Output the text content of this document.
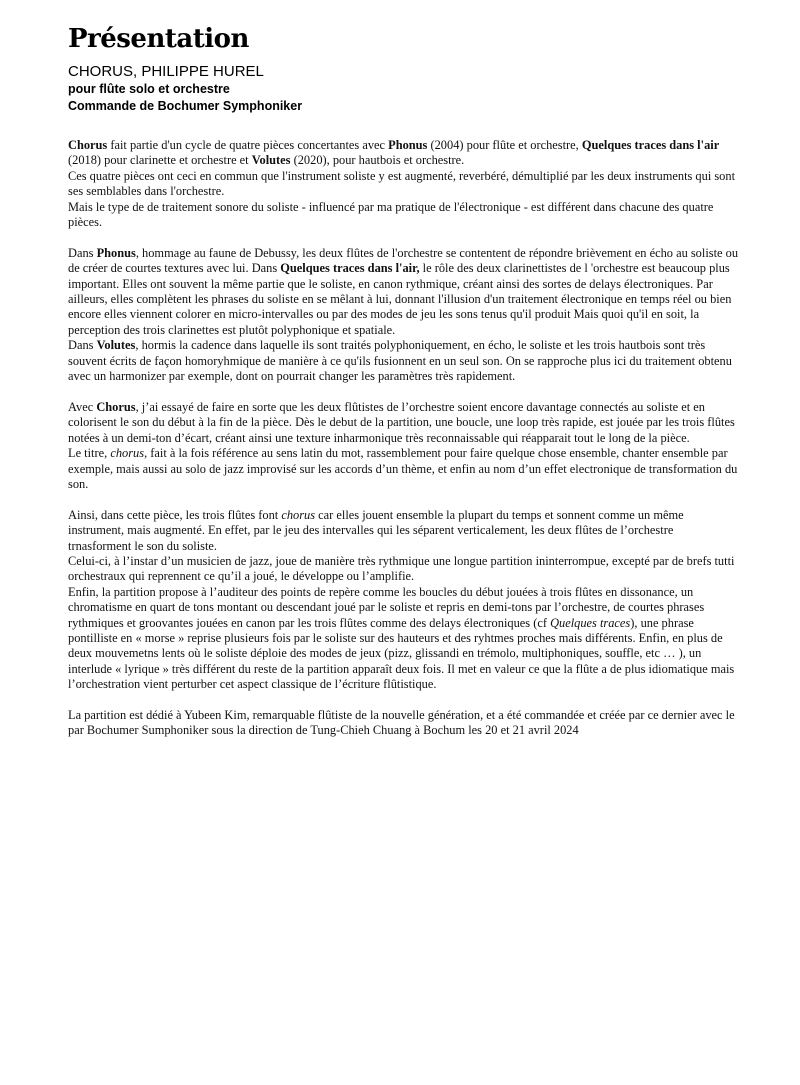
Présentation

CHORUS, PHILIPPE HUREL

pour flûte solo et orchestre

Commande de Bochumer Symphoniker

Chorus fait partie d'un cycle de quatre pièces concertantes avec Phonus (2004) pour flûte et orchestre, Quelques traces dans l'air (2018) pour clarinette et orchestre et Volutes (2020), pour hautbois et orchestre.
Ces quatre pièces ont ceci en commun que l'instrument soliste y est augmenté, reverbéré, démultiplié par les deux instruments qui sont ses semblables dans l'orchestre.
Mais le type de de traitement sonore du soliste - influencé par ma pratique de l'électronique - est différent dans chacune des quatre pièces.

Dans Phonus, hommage au faune de Debussy, les deux flûtes de l'orchestre se contentent de répondre brièvement en écho au soliste ou de créer de courtes textures avec lui. Dans Quelques traces dans l'air, le rôle des deux clarinettistes de l 'orchestre est beaucoup plus important. Elles ont souvent la même partie que le soliste, en canon rythmique, créant ainsi des sortes de delays électroniques. Par ailleurs, elles complètent les phrases du soliste en se mêlant à lui, donnant l'illusion d'un traitement électronique en temps réel ou bien encore elles viennent colorer en micro-intervalles ou par des modes de jeu les sons tenus qu'il produit Mais quoi qu'il en soit, la perception des trois clarinettes est plutôt polyphonique et spatiale.
Dans Volutes, hormis la cadence dans laquelle ils sont traités polyphoniquement, en écho, le soliste et les trois hautbois sont très souvent écrits de façon homoryhmique de manière à ce qu'ils fusionnent en un seul son. On se rapproche plus ici du traitement obtenu avec un harmonizer par exemple, dont on pourrait changer les paramètres très rapidement.

Avec Chorus, j’ai essayé de faire en sorte que les deux flûtistes de l’orchestre soient encore davantage connectés au soliste et en colorisent le son du début à la fin de la pièce. Dès le debut de la partition, une boucle, une loop très rapide, est jouée par les trois flûtes notées à un demi-ton d’écart, créant ainsi une texture inharmonique très reconnaissable qui réapparait tout le long de la pièce.
Le titre, chorus, fait à la fois référence au sens latin du mot, rassemblement pour faire quelque chose ensemble, chanter ensemble par exemple, mais aussi au solo de jazz improvisé sur les accords d’un thème, et enfin au nom d’un effet electronique de transformation du son.

Ainsi, dans cette pièce, les trois flûtes font chorus car elles jouent ensemble la plupart du temps et sonnent comme un même instrument, mais augmenté. En effet, par le jeu des intervalles qui les séparent verticalement, les deux flûtes de l’orchestre trnasforment le son du soliste.
Celui-ci, à l’instar d’un musicien de jazz, joue de manière très rythmique une longue partition ininterrompue, excepté par de brefs tutti orchestraux qui reprennent ce qu’il a joué, le développe ou l’amplifie.
Enfin, la partition propose à l’auditeur des points de repère comme les boucles du début jouées à trois flûtes en dissonance, un chromatisme en quart de tons montant ou descendant joué par le soliste et repris en demi-tons par l’orchestre, de courtes phrases rythmiques et groovantes jouées en canon par les trois flûtes comme des delays électroniques (cf Quelques traces), une phrase pontilliste en « morse » reprise plusieurs fois par le soliste sur des hauteurs et des ryhtmes proches mais différents. Enfin, en plus de deux mouvemetns lents où le soliste déploie des modes de jeux (pizz, glissandi en trémolo, multiphoniques, souffle, etc … ), un interlude « lyrique » très différent du reste de la partition apparaît deux fois. Il met en valeur ce que la flûte a de plus idiomatique mais l’orchestration vient perturber cet aspect classique de l’écriture flûtistique.

La partition est dédié à Yubeen Kim, remarquable flûtiste de la nouvelle génération, et a été commandée et créée par ce dernier avec le par Bochumer Sumphoniker sous la direction de Tung-Chieh Chuang à Bochum les 20 et 21 avril 2024
